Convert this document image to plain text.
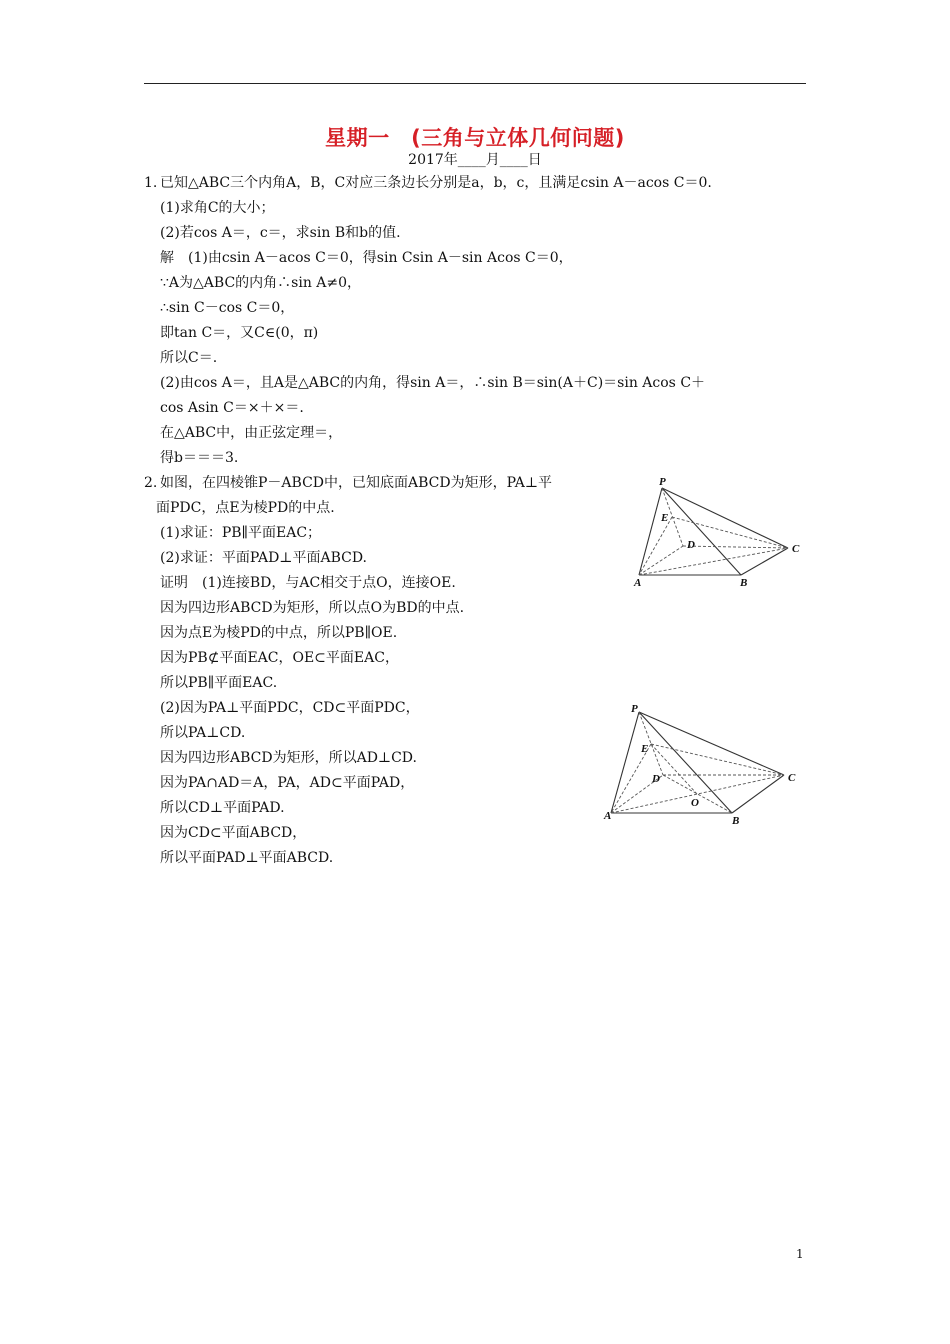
星期一　(三角与立体几何问题)
2017年____月____日
1. 已知△ABC三个内角A，B，C对应三条边长分别是a，b，c，且满足csin A－acos C＝0.
(1)求角C的大小；
(2)若cos A＝，c＝，求sin B和b的值.
解　(1)由csin A－acos C＝0，得sin Csin A－sin Acos C＝0，
∵A为△ABC的内角∴sin A≠0，
∴sin C－cos C＝0，
即tan C＝，又C∈(0，π)
所以C＝.
(2)由cos A＝，且A是△ABC的内角，得sin A＝，∴sin B＝sin(A＋C)＝sin Acos C＋
cos Asin C＝×＋×＝.
在△ABC中，由正弦定理＝，
得b＝＝＝3.
2. 如图，在四棱锥P－ABCD中，已知底面ABCD为矩形，PA⊥平
面PDC，点E为棱PD的中点.
(1)求证：PB∥平面EAC；
(2)求证：平面PAD⊥平面ABCD.
证明　(1)连接BD，与AC相交于点O，连接OE.
因为四边形ABCD为矩形，所以点O为BD的中点.
因为点E为棱PD的中点，所以PB∥OE.
因为PB⊄平面EAC，OE⊂平面EAC，
所以PB∥平面EAC.
(2)因为PA⊥平面PDC，CD⊂平面PDC，
所以PA⊥CD.
因为四边形ABCD为矩形，所以AD⊥CD.
因为PA∩AD＝A，PA，AD⊂平面PAD，
所以CD⊥平面PAD.
因为CD⊂平面ABCD，
所以平面PAD⊥平面ABCD.
P
E
D	C
A	B
P
E
D
O
C
A	B
1
